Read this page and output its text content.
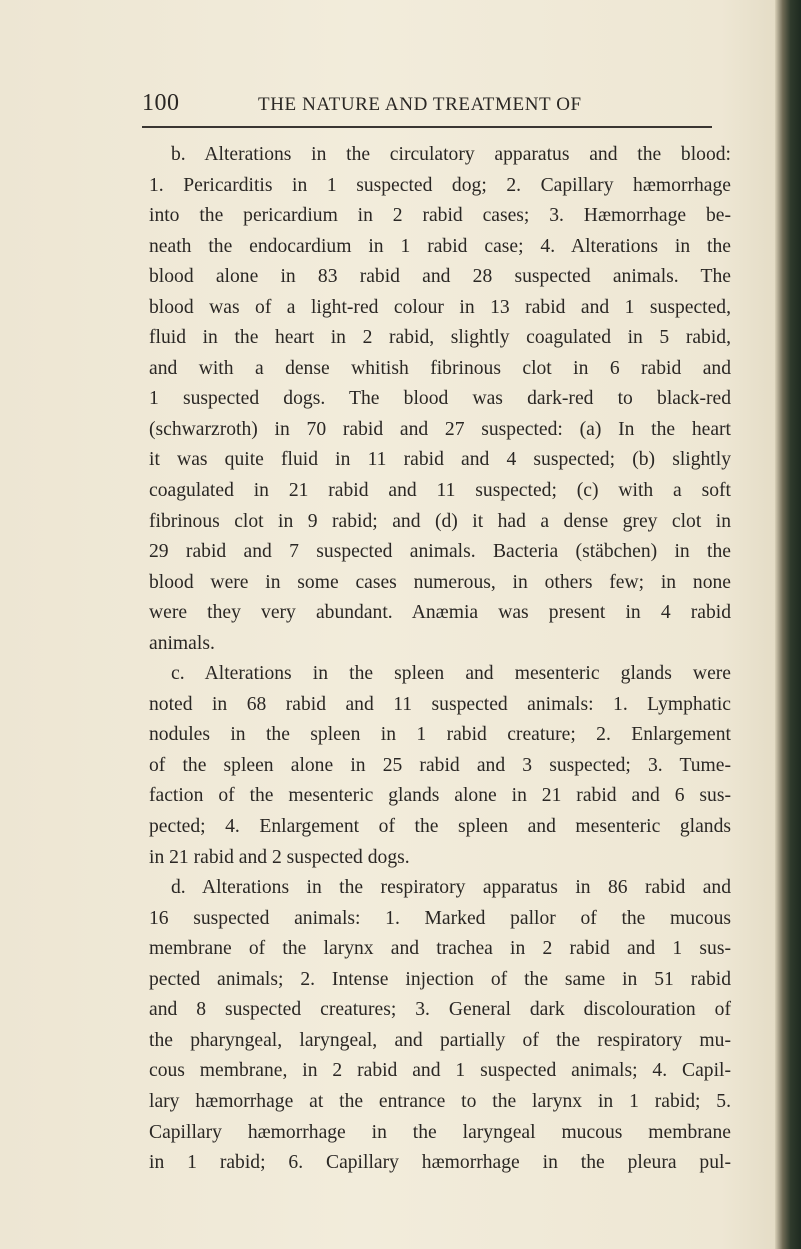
100	THE NATURE AND TREATMENT OF
b. Alterations in the circulatory apparatus and the blood:
1. Pericarditis in 1 suspected dog; 2. Capillary hæmorrhage
into the pericardium in 2 rabid cases; 3. Hæmorrhage be-
neath the endocardium in 1 rabid case; 4. Alterations in the
blood alone in 83 rabid and 28 suspected animals. The
blood was of a light-red colour in 13 rabid and 1 suspected,
fluid in the heart in 2 rabid, slightly coagulated in 5 rabid,
and with a dense whitish fibrinous clot in 6 rabid and
1 suspected dogs. The blood was dark-red to black-red
(schwarzroth) in 70 rabid and 27 suspected: (a) In the heart
it was quite fluid in 11 rabid and 4 suspected; (b) slightly
coagulated in 21 rabid and 11 suspected; (c) with a soft
fibrinous clot in 9 rabid; and (d) it had a dense grey clot in
29 rabid and 7 suspected animals. Bacteria (stäbchen) in the
blood were in some cases numerous, in others few; in none
were they very abundant. Anæmia was present in 4 rabid
animals.
c. Alterations in the spleen and mesenteric glands were
noted in 68 rabid and 11 suspected animals: 1. Lymphatic
nodules in the spleen in 1 rabid creature; 2. Enlargement
of the spleen alone in 25 rabid and 3 suspected; 3. Tume-
faction of the mesenteric glands alone in 21 rabid and 6 sus-
pected; 4. Enlargement of the spleen and mesenteric glands
in 21 rabid and 2 suspected dogs.
d. Alterations in the respiratory apparatus in 86 rabid and
16 suspected animals: 1. Marked pallor of the mucous
membrane of the larynx and trachea in 2 rabid and 1 sus-
pected animals; 2. Intense injection of the same in 51 rabid
and 8 suspected creatures; 3. General dark discolouration of
the pharyngeal, laryngeal, and partially of the respiratory mu-
cous membrane, in 2 rabid and 1 suspected animals; 4. Capil-
lary hæmorrhage at the entrance to the larynx in 1 rabid; 5.
Capillary hæmorrhage in the laryngeal mucous membrane
in 1 rabid; 6. Capillary hæmorrhage in the pleura pul-
